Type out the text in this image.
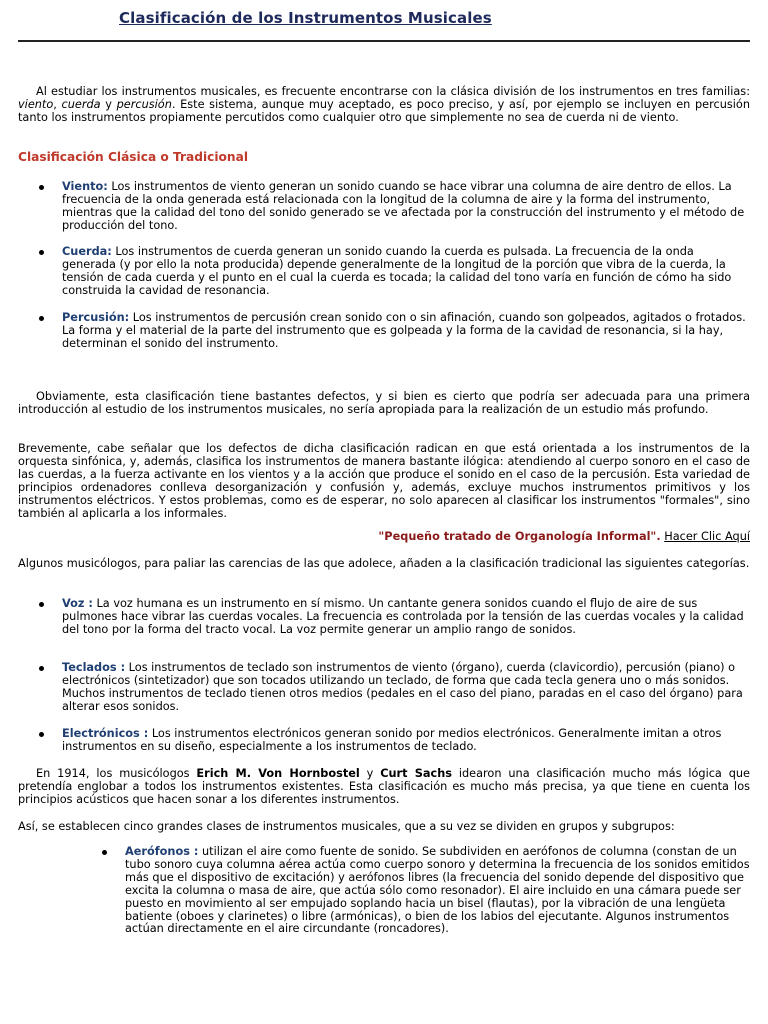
Clasificación de los Instrumentos Musicales

Al estudiar los instrumentos musicales, es frecuente encontrarse con la clásica división de los instrumentos en tres familias: viento, cuerda y percusión. Este sistema, aunque muy aceptado, es poco preciso, y así, por ejemplo se incluyen en percusión tanto los instrumentos propiamente percutidos como cualquier otro que simplemente no sea de cuerda ni de viento.

Clasificación Clásica o Tradicional

Viento: Los instrumentos de viento generan un sonido cuando se hace vibrar una columna de aire dentro de ellos. La frecuencia de la onda generada está relacionada con la longitud de la columna de aire y la forma del instrumento, mientras que la calidad del tono del sonido generado se ve afectada por la construcción del instrumento y el método de producción del tono.

Cuerda: Los instrumentos de cuerda generan un sonido cuando la cuerda es pulsada. La frecuencia de la onda generada (y por ello la nota producida) depende generalmente de la longitud de la porción que vibra de la cuerda, la tensión de cada cuerda y el punto en el cual la cuerda es tocada; la calidad del tono varía en función de cómo ha sido construida la cavidad de resonancia.

Percusión: Los instrumentos de percusión crean sonido con o sin afinación, cuando son golpeados, agitados o frotados. La forma y el material de la parte del instrumento que es golpeada y la forma de la cavidad de resonancia, si la hay, determinan el sonido del instrumento.

Obviamente, esta clasificación tiene bastantes defectos, y si bien es cierto que podría ser adecuada para una primera introducción al estudio de los instrumentos musicales, no sería apropiada para la realización de un estudio más profundo.

Brevemente, cabe señalar que los defectos de dicha clasificación radican en que está orientada a los instrumentos de la orquesta sinfónica, y, además, clasifica los instrumentos de manera bastante ilógica: atendiendo al cuerpo sonoro en el caso de las cuerdas, a la fuerza activante en los vientos y a la acción que produce el sonido en el caso de la percusión. Esta variedad de principios ordenadores conlleva desorganización y confusión y, además, excluye muchos instrumentos primitivos y los instrumentos eléctricos. Y estos problemas, como es de esperar, no solo aparecen al clasificar los instrumentos "formales", sino también al aplicarla a los informales.

"Pequeño tratado de Organología Informal". Hacer Clic Aquí

Algunos musicólogos, para paliar las carencias de las que adolece, añaden a la clasificación tradicional las siguientes categorías.

Voz : La voz humana es un instrumento en sí mismo. Un cantante genera sonidos cuando el flujo de aire de sus pulmones hace vibrar las cuerdas vocales. La frecuencia es controlada por la tensión de las cuerdas vocales y la calidad del tono por la forma del tracto vocal. La voz permite generar un amplio rango de sonidos.

Teclados : Los instrumentos de teclado son instrumentos de viento (órgano), cuerda (clavicordio), percusión (piano) o electrónicos (sintetizador) que son tocados utilizando un teclado, de forma que cada tecla genera uno o más sonidos. Muchos instrumentos de teclado tienen otros medios (pedales en el caso del piano, paradas en el caso del órgano) para alterar esos sonidos.

Electrónicos : Los instrumentos electrónicos generan sonido por medios electrónicos. Generalmente imitan a otros instrumentos en su diseño, especialmente a los instrumentos de teclado.

En 1914, los musicólogos Erich M. Von Hornbostel y Curt Sachs idearon una clasificación mucho más lógica que pretendía englobar a todos los instrumentos existentes. Esta clasificación es mucho más precisa, ya que tiene en cuenta los principios acústicos que hacen sonar a los diferentes instrumentos.

Así, se establecen cinco grandes clases de instrumentos musicales, que a su vez se dividen en grupos y subgrupos:

Aerófonos : utilizan el aire como fuente de sonido. Se subdividen en aerófonos de columna (constan de un tubo sonoro cuya columna aérea actúa como cuerpo sonoro y determina la frecuencia de los sonidos emitidos más que el dispositivo de excitación) y aerófonos libres (la frecuencia del sonido depende del dispositivo que excita la columna o masa de aire, que actúa sólo como resonador). El aire incluido en una cámara puede ser puesto en movimiento al ser empujado soplando hacia un bisel (flautas), por la vibración de una lengüeta batiente (oboes y clarinetes) o libre (armónicas), o bien de los labios del ejecutante. Algunos instrumentos actúan directamente en el aire circundante (roncadores).
